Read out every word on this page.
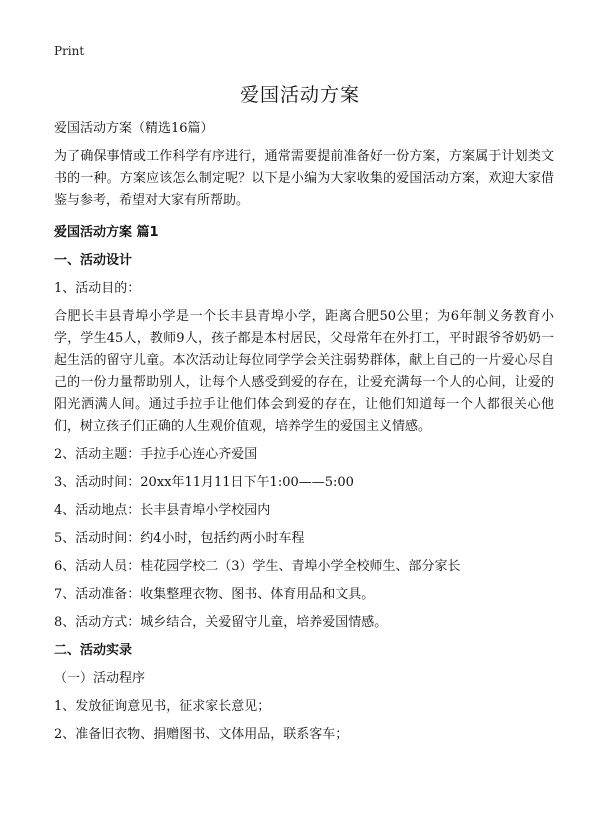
Print
爱国活动方案

爱国活动方案（精选16篇）

为了确保事情或工作科学有序进行，通常需要提前准备好一份方案，方案属于计划类文书的一种。方案应该怎么制定呢？以下是小编为大家收集的爱国活动方案，欢迎大家借鉴与参考，希望对大家有所帮助。

爱国活动方案 篇1

一、活动设计

1、活动目的：

合肥长丰县青埠小学是一个长丰县青埠小学，距离合肥50公里；为6年制义务教育小学，学生45人，教师9人，孩子都是本村居民，父母常年在外打工，平时跟爷爷奶奶一起生活的留守儿童。本次活动让每位同学学会关注弱势群体，献上自己的一片爱心尽自己的一份力量帮助别人，让每个人感受到爱的存在，让爱充满每一个人的心间，让爱的阳光洒满人间。通过手拉手让他们体会到爱的存在，让他们知道每一个人都很关心他们，树立孩子们正确的人生观价值观，培养学生的爱国主义情感。

2、活动主题：手拉手心连心齐爱国

3、活动时间：20xx年11月11日下午1:00——5:00

4、活动地点：长丰县青埠小学校园内

5、活动时间：约4小时，包括约两小时车程

6、活动人员：桂花园学校二（3）学生、青埠小学全校师生、部分家长

7、活动准备：收集整理衣物、图书、体育用品和文具。

8、活动方式：城乡结合，关爱留守儿童，培养爱国情感。

二、活动实录

（一）活动程序

1、发放征询意见书，征求家长意见；

2、准备旧衣物、捐赠图书、文体用品，联系客车；
